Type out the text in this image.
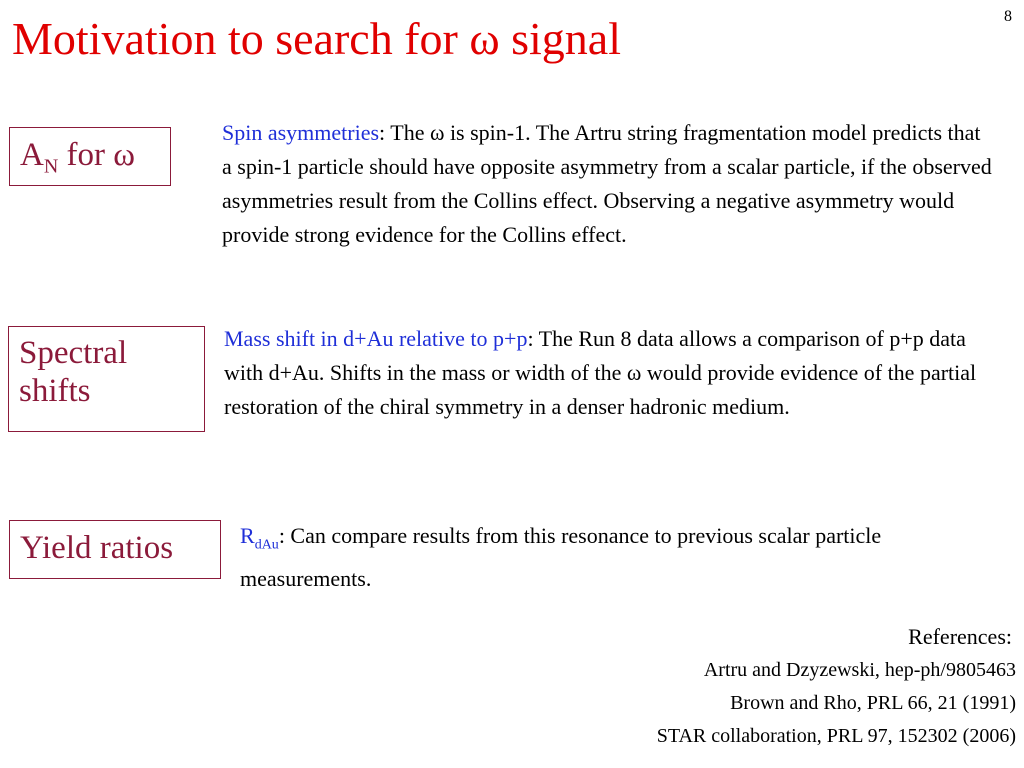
8
Motivation to search for ω signal
$A_N$ for ω
Spectral
shifts
Yield ratios

Spin asymmetries: The ω is spin-1. The Artru string fragmentation model predicts that a spin-1 particle should have opposite asymmetry from a scalar particle, if the observed asymmetries result from the Collins effect. Observing a negative asymmetry would provide strong evidence for the Collins effect.

Mass shift in d+Au relative to p+p: The Run 8 data allows a comparison of p+p data with d+Au. Shifts in the mass or width of the ω would provide evidence of the partial restoration of the chiral symmetry in a denser hadronic medium.

$R_{dAu}$: Can compare results from this resonance to previous scalar particle measurements.

References:
Artru and Dzyzewski, hep-ph/9805463
Brown and Rho, PRL 66, 21 (1991)
STAR collaboration, PRL 97, 152302 (2006)
